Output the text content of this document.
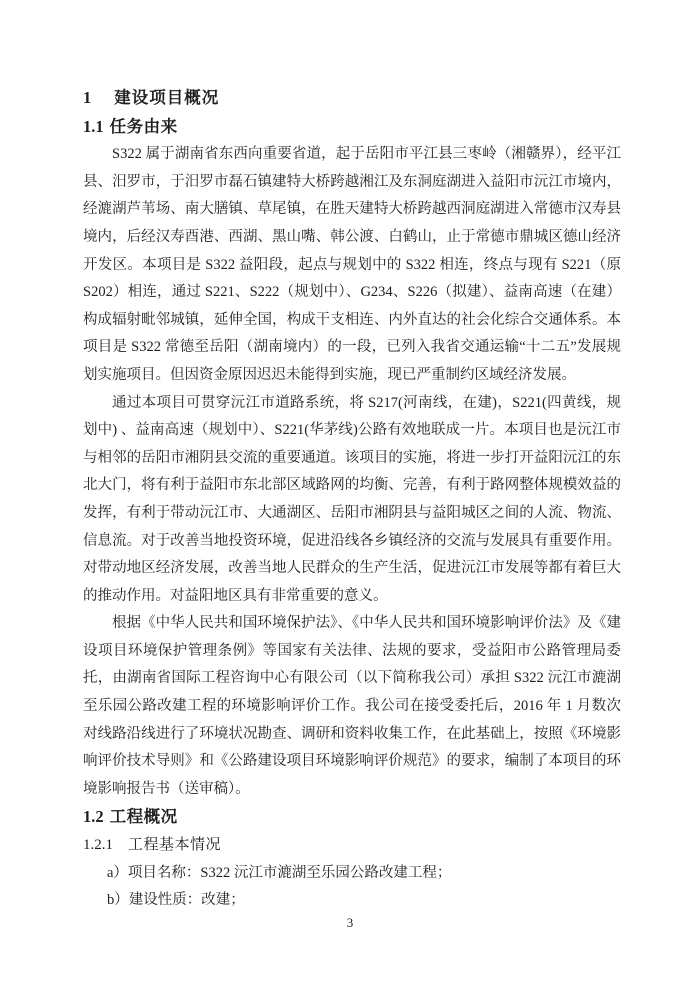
1 建设项目概况
1.1 任务由来

S322 属于湖南省东西向重要省道，起于岳阳市平江县三枣岭（湘赣界），经平江县、汨罗市，于汨罗市磊石镇建特大桥跨越湘江及东洞庭湖进入益阳市沅江市境内，经漉湖芦苇场、南大膳镇、草尾镇，在胜天建特大桥跨越西洞庭湖进入常德市汉寿县境内，后经汉寿酉港、西湖、黑山嘴、韩公渡、白鹤山，止于常德市鼎城区德山经济开发区。本项目是 S322 益阳段，起点与规划中的 S322 相连，终点与现有 S221（原 S202）相连，通过 S221、S222（规划中）、G234、S226（拟建）、益南高速（在建）构成辐射毗邻城镇，延伸全国，构成干支相连、内外直达的社会化综合交通体系。本项目是 S322 常德至岳阳（湖南境内）的一段，已列入我省交通运输“十二五”发展规划实施项目。但因资金原因迟迟未能得到实施，现已严重制约区域经济发展。

通过本项目可贯穿沅江市道路系统，将 S217(河南线，在建)，S221(四黄线，规划中) 、益南高速（规划中）、S221(华茅线)公路有效地联成一片。本项目也是沅江市与相邻的岳阳市湘阴县交流的重要通道。该项目的实施，将进一步打开益阳沅江的东北大门，将有利于益阳市东北部区域路网的均衡、完善，有利于路网整体规模效益的发挥，有利于带动沅江市、大通湖区、岳阳市湘阴县与益阳城区之间的人流、物流、信息流。对于改善当地投资环境，促进沿线各乡镇经济的交流与发展具有重要作用。对带动地区经济发展，改善当地人民群众的生产生活，促进沅江市发展等都有着巨大的推动作用。对益阳地区具有非常重要的意义。

根据《中华人民共和国环境保护法》、《中华人民共和国环境影响评价法》及《建设项目环境保护管理条例》等国家有关法律、法规的要求，受益阳市公路管理局委托，由湖南省国际工程咨询中心有限公司（以下简称我公司）承担 S322 沅江市漉湖至乐园公路改建工程的环境影响评价工作。我公司在接受委托后，2016 年 1 月数次对线路沿线进行了环境状况勘查、调研和资料收集工作，在此基础上，按照《环境影响评价技术导则》和《公路建设项目环境影响评价规范》的要求，编制了本项目的环境影响报告书（送审稿）。

1.2 工程概况
1.2.1 工程基本情况
a）项目名称：S322 沅江市漉湖至乐园公路改建工程；
b）建设性质：改建；
3
